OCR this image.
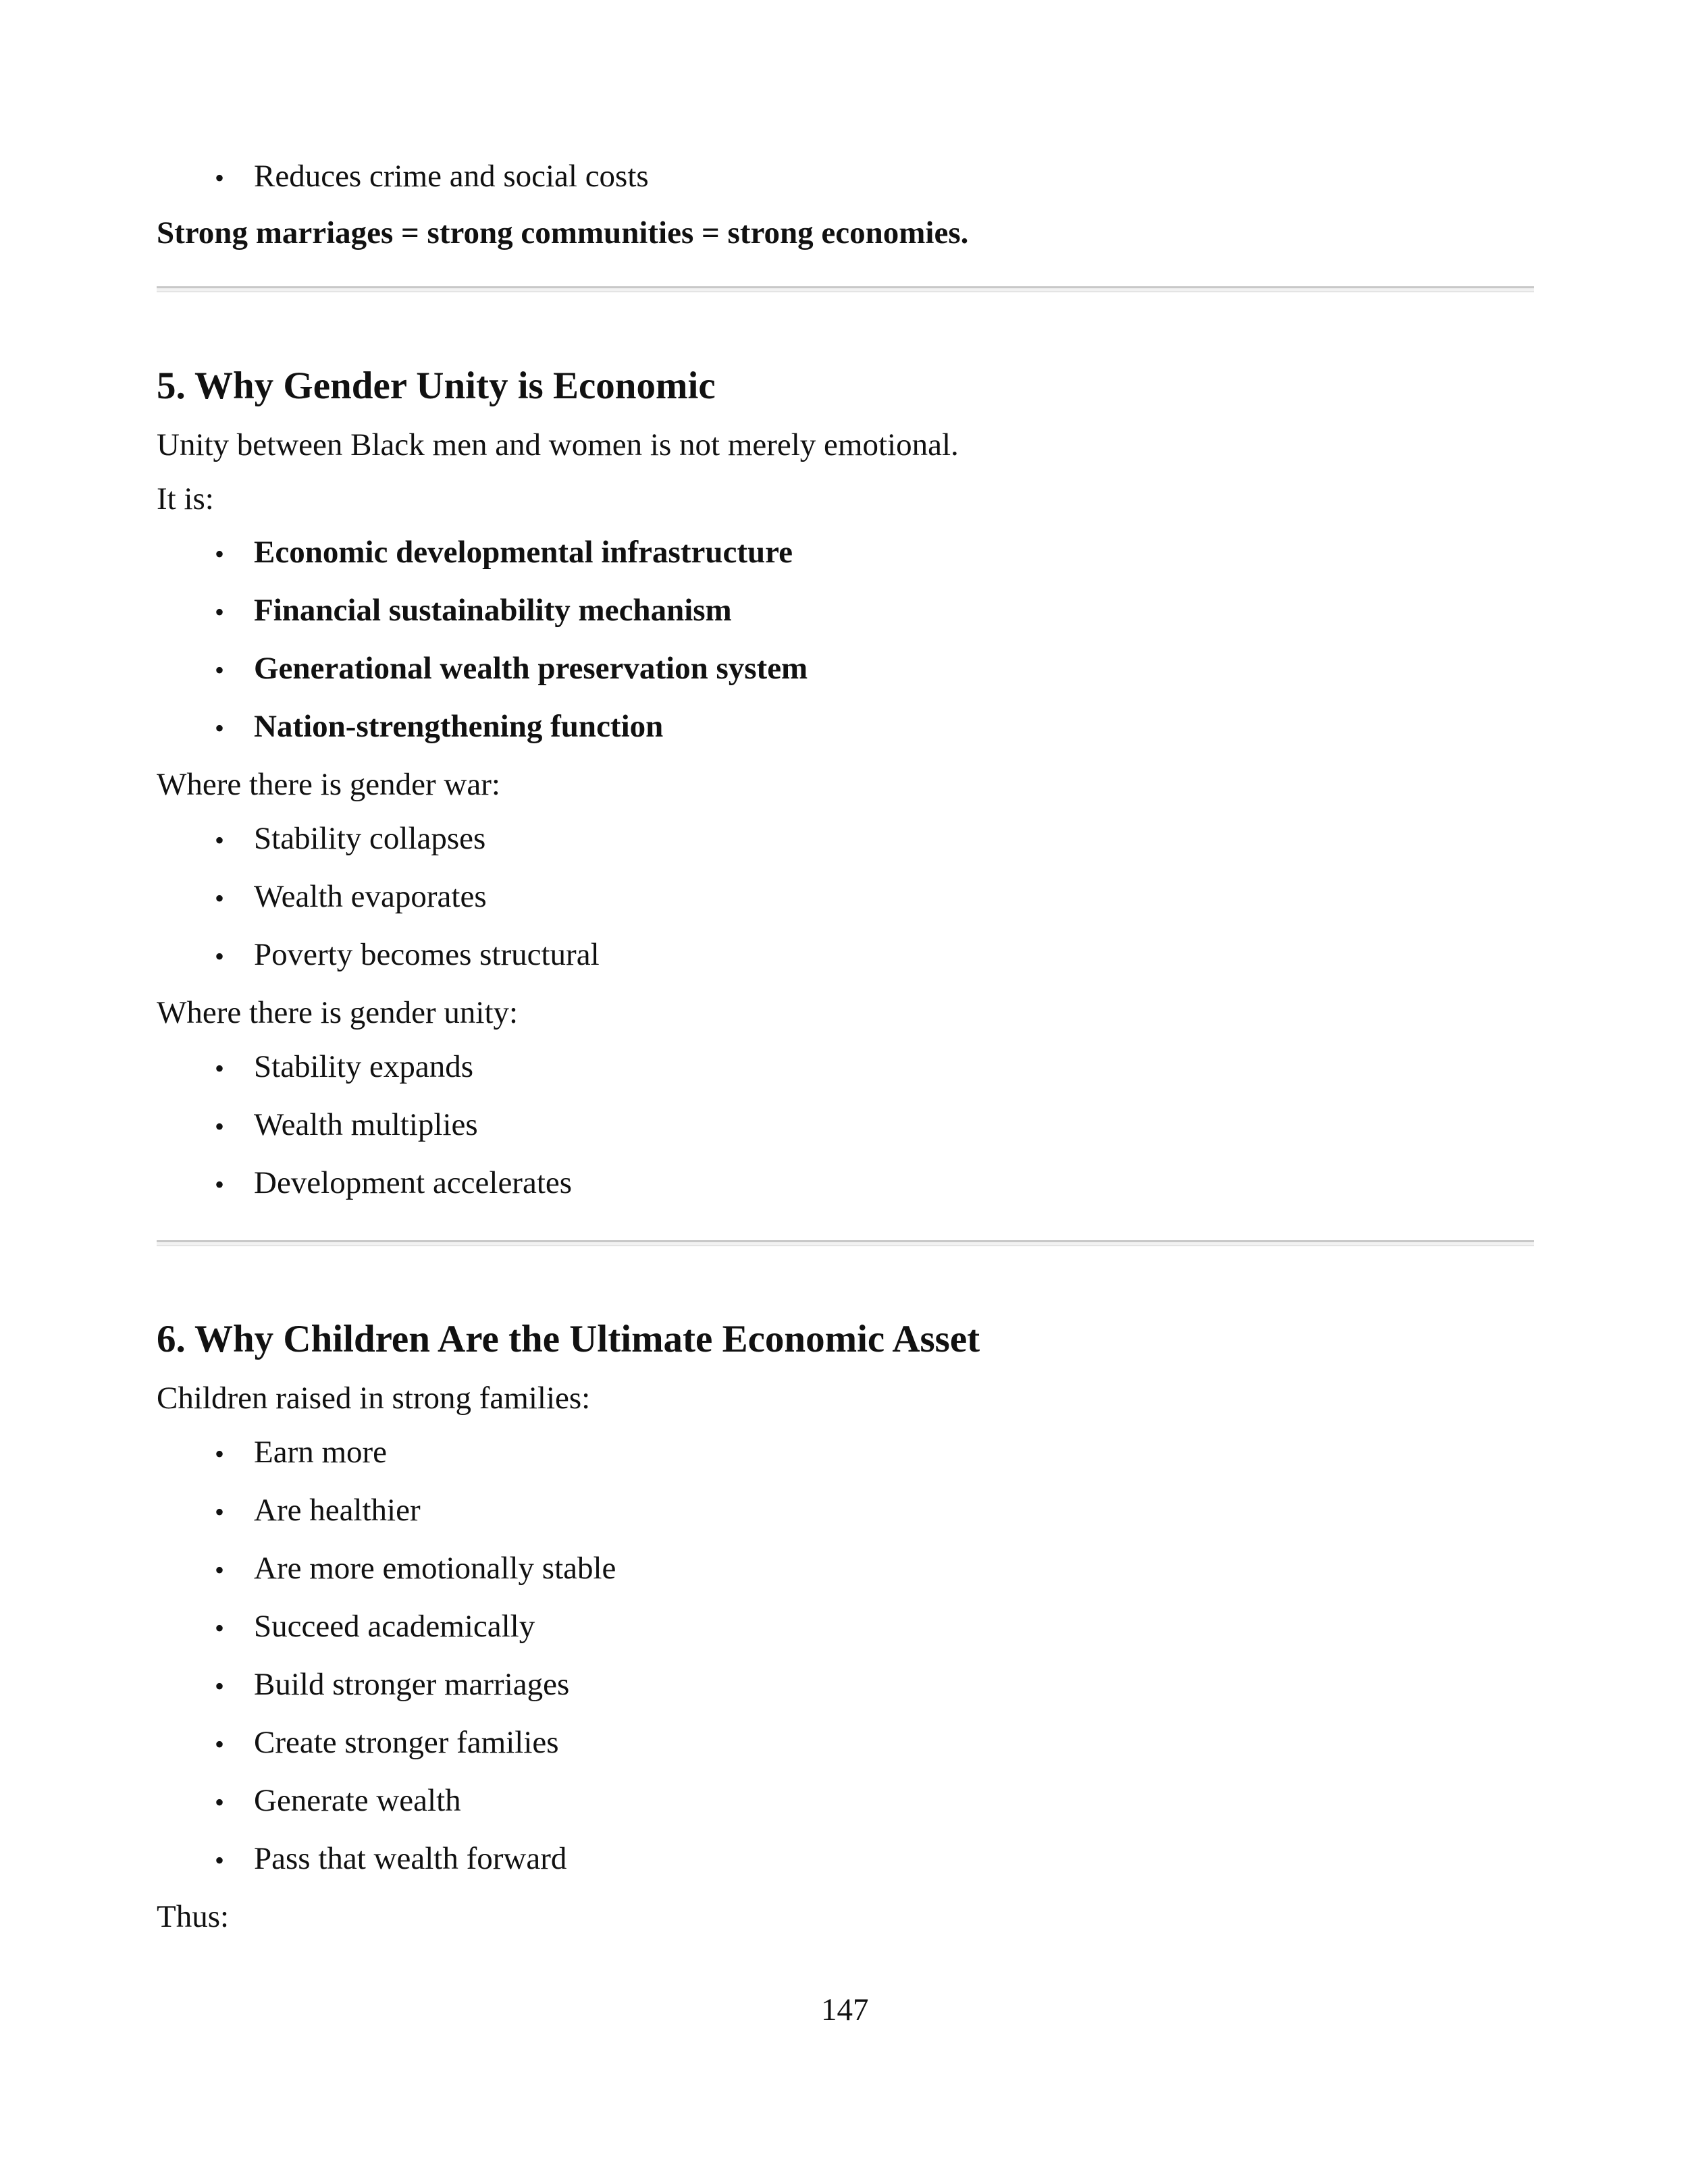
• Reduces crime and social costs
Strong marriages = strong communities = strong economies.
5. Why Gender Unity is Economic
Unity between Black men and women is not merely emotional.
It is:
• Economic developmental infrastructure
• Financial sustainability mechanism
• Generational wealth preservation system
• Nation-strengthening function
Where there is gender war:
• Stability collapses
• Wealth evaporates
• Poverty becomes structural
Where there is gender unity:
• Stability expands
• Wealth multiplies
• Development accelerates
6. Why Children Are the Ultimate Economic Asset
Children raised in strong families:
• Earn more
• Are healthier
• Are more emotionally stable
• Succeed academically
• Build stronger marriages
• Create stronger families
• Generate wealth
• Pass that wealth forward
Thus:
147
